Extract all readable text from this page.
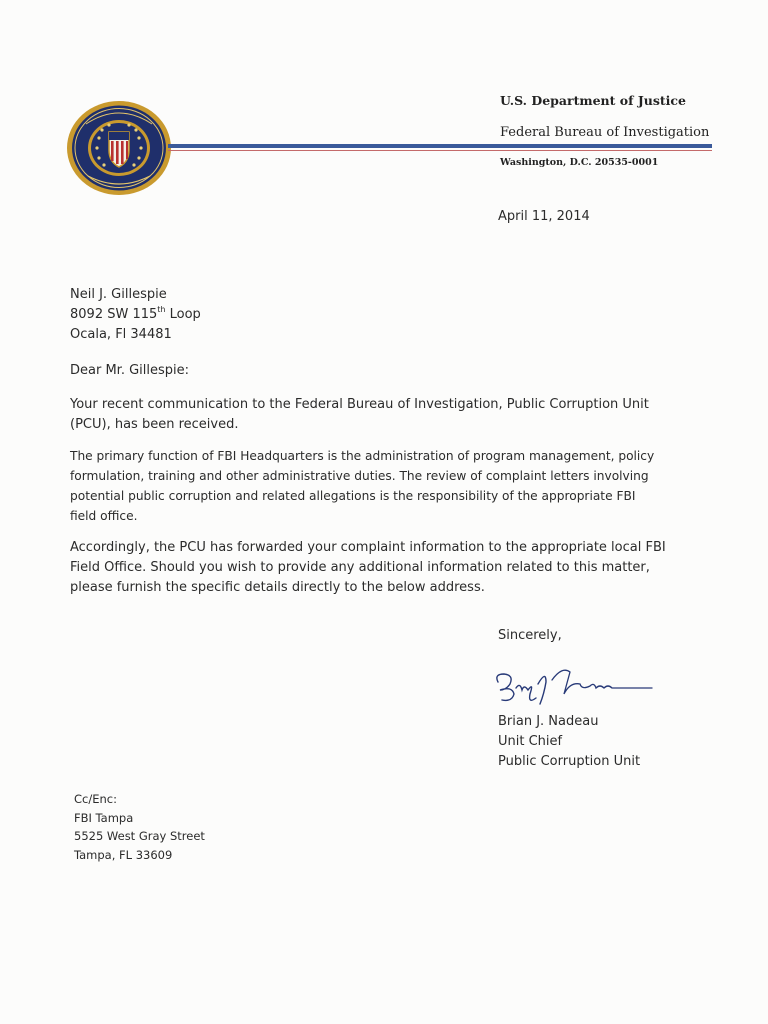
U.S. Department of Justice
Federal Bureau of Investigation
Washington, D.C. 20535-0001
April 11, 2014
Neil J. Gillespie
8092 SW 115th Loop
Ocala, Fl 34481
Dear Mr. Gillespie:
Your recent communication to the Federal Bureau of Investigation, Public Corruption Unit
(PCU), has been received.
The primary function of FBI Headquarters is the administration of program management, policy
formulation, training and other administrative duties. The review of complaint letters involving
potential public corruption and related allegations is the responsibility of the appropriate FBI
field office.
Accordingly, the PCU has forwarded your complaint information to the appropriate local FBI
Field Office. Should you wish to provide any additional information related to this matter,
please furnish the specific details directly to the below address.
Sincerely,
Brian J. Nadeau
Unit Chief
Public Corruption Unit
Cc/Enc:
FBI Tampa
5525 West Gray Street
Tampa, FL 33609
